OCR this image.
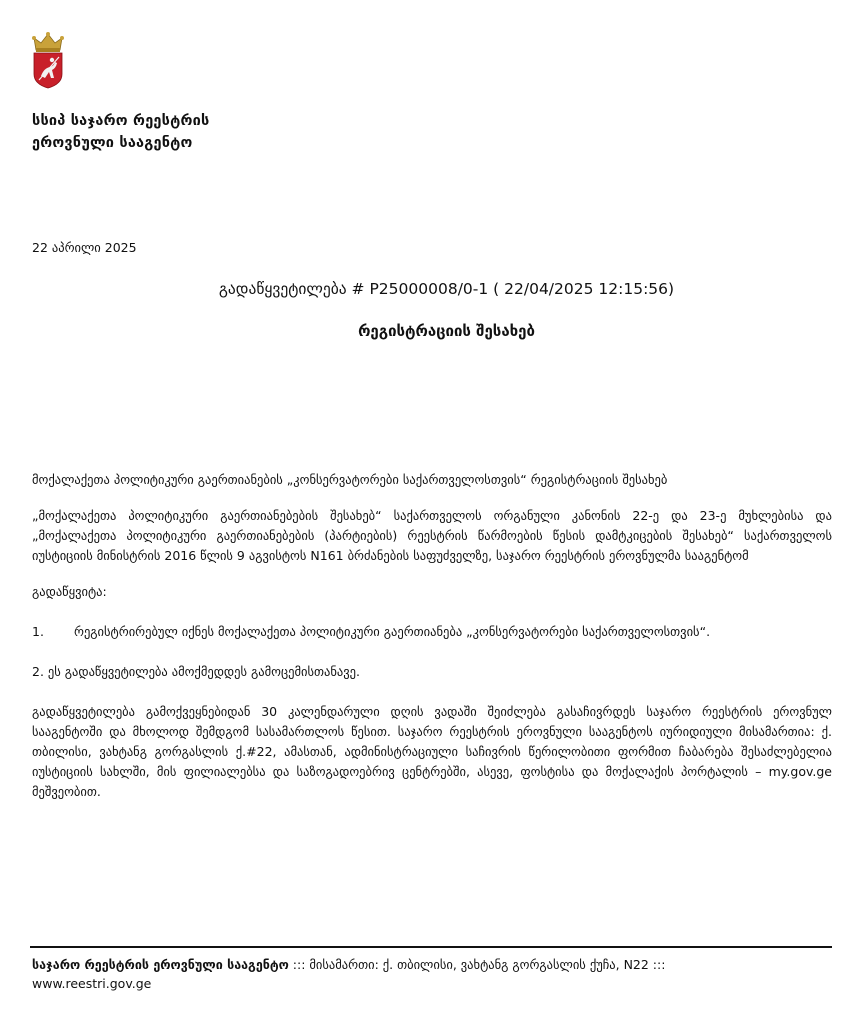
სსიპ საჯარო რეესტრის
ეროვნული სააგენტო
22 აპრილი 2025
გადაწყვეტილება # P25000008/0-1 ( 22/04/2025 12:15:56)
რეგისტრაციის შესახებ

მოქალაქეთა პოლიტიკური გაერთიანების „კონსერვატორები საქართველოსთვის“ რეგისტრაციის შესახებ

„მოქალაქეთა პოლიტიკური გაერთიანებების შესახებ“ საქართველოს ორგანული კანონის 22-ე და 23-ე მუხლებისა და „მოქალაქეთა პოლიტიკური გაერთიანებების (პარტიების) რეესტრის წარმოების წესის დამტკიცების შესახებ“ საქართველოს იუსტიციის მინისტრის 2016 წლის 9 აგვისტოს N161 ბრძანების საფუძველზე, საჯარო რეესტრის ეროვნულმა სააგენტომ

გადაწყვიტა:

1.	რეგისტრირებულ იქნეს მოქალაქეთა პოლიტიკური გაერთიანება „კონსერვატორები საქართველოსთვის“.

2. ეს გადაწყვეტილება ამოქმედდეს გამოცემისთანავე.

გადაწყვეტილება გამოქვეყნებიდან 30 კალენდარული დღის ვადაში შეიძლება გასაჩივრდეს საჯარო რეესტრის ეროვნულ სააგენტოში და მხოლოდ შემდგომ სასამართლოს წესით. საჯარო რეესტრის ეროვნული სააგენტოს იურიდიული მისამართია: ქ. თბილისი, ვახტანგ გორგასლის ქ.#22, ამასთან, ადმინისტრაციული საჩივრის წერილობითი ფორმით ჩაბარება შესაძლებელია იუსტიციის სახლში, მის ფილიალებსა და საზოგადოებრივ ცენტრებში, ასევე, ფოსტისა და მოქალაქის პორტალის – my.gov.ge მეშვეობით.

საჯარო რეესტრის ეროვნული სააგენტო ::: მისამართი: ქ. თბილისი, ვახტანგ გორგასლის ქუჩა, N22 :::
www.reestri.gov.ge
